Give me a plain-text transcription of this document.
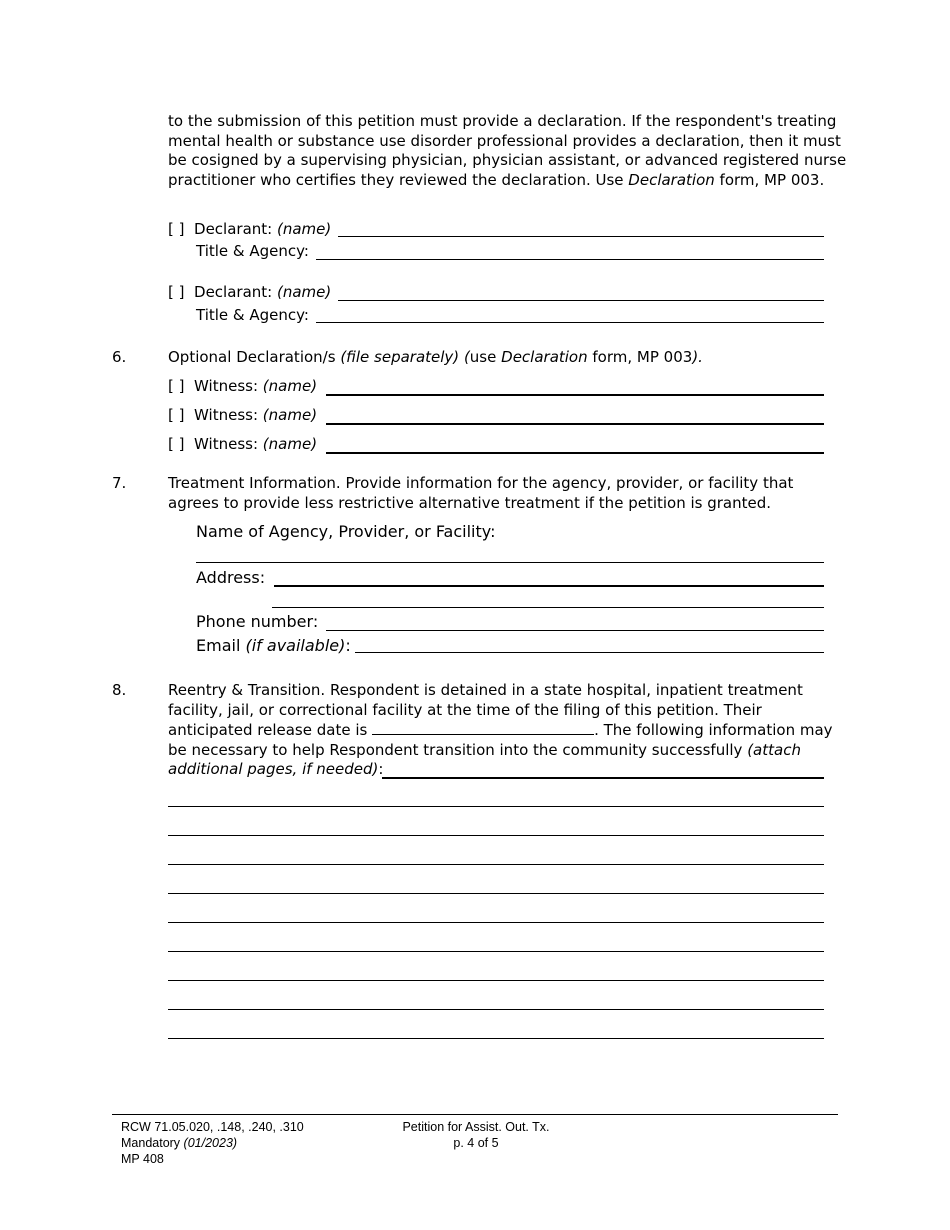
to the submission of this petition must provide a declaration. If the respondent's treating mental health or substance use disorder professional provides a declaration, then it must be cosigned by a supervising physician, physician assistant, or advanced registered nurse practitioner who certifies they reviewed the declaration. Use Declaration form, MP 003.
[ ] Declarant: (name)
Title & Agency:
[ ] Declarant: (name)
Title & Agency:
6.	Optional Declaration/s (file separately) (use Declaration form, MP 003).
[ ] Witness: (name)
[ ] Witness: (name)
[ ] Witness: (name)
7.	Treatment Information. Provide information for the agency, provider, or facility that agrees to provide less restrictive alternative treatment if the petition is granted.
Name of Agency, Provider, or Facility:
Address:
Phone number:
Email (if available):
8.	Reentry & Transition. Respondent is detained in a state hospital, inpatient treatment facility, jail, or correctional facility at the time of the filing of this petition. Their anticipated release date is	. The following information may be necessary to help Respondent transition into the community successfully (attach additional pages, if needed):
RCW 71.05.020, .148, .240, .310
Mandatory (01/2023)
MP 408
Petition for Assist. Out. Tx.
p. 4 of 5
